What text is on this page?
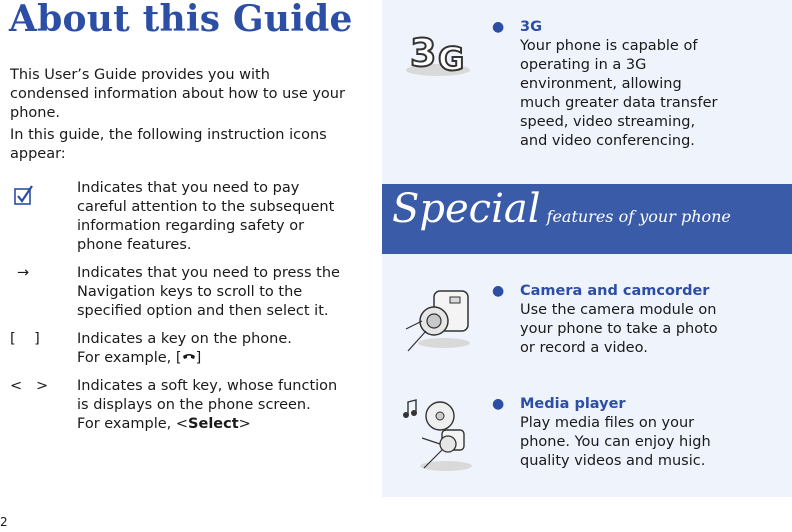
About this Guide

This User’s Guide provides you with condensed information about how to use your phone.

In this guide, the following instruction icons appear:

Indicates that you need to pay careful attention to the subsequent information regarding safety or phone features.
→	Indicates that you need to press the Navigation keys to scroll to the specified option and then select it.
[    ]	Indicates a key on the phone.
For example, [ ]
<   >	Indicates a soft key, whose function is displays on the phone screen.
For example, <Select>
2
3 G
● 3G
Your phone is capable of operating in a 3G environment, allowing much greater data transfer speed, video streaming, and video conferencing.
Special features of your phone
● Camera and camcorder
Use the camera module on your phone to take a photo or record a video.
● Media player
Play media files on your phone. You can enjoy high quality videos and music.
